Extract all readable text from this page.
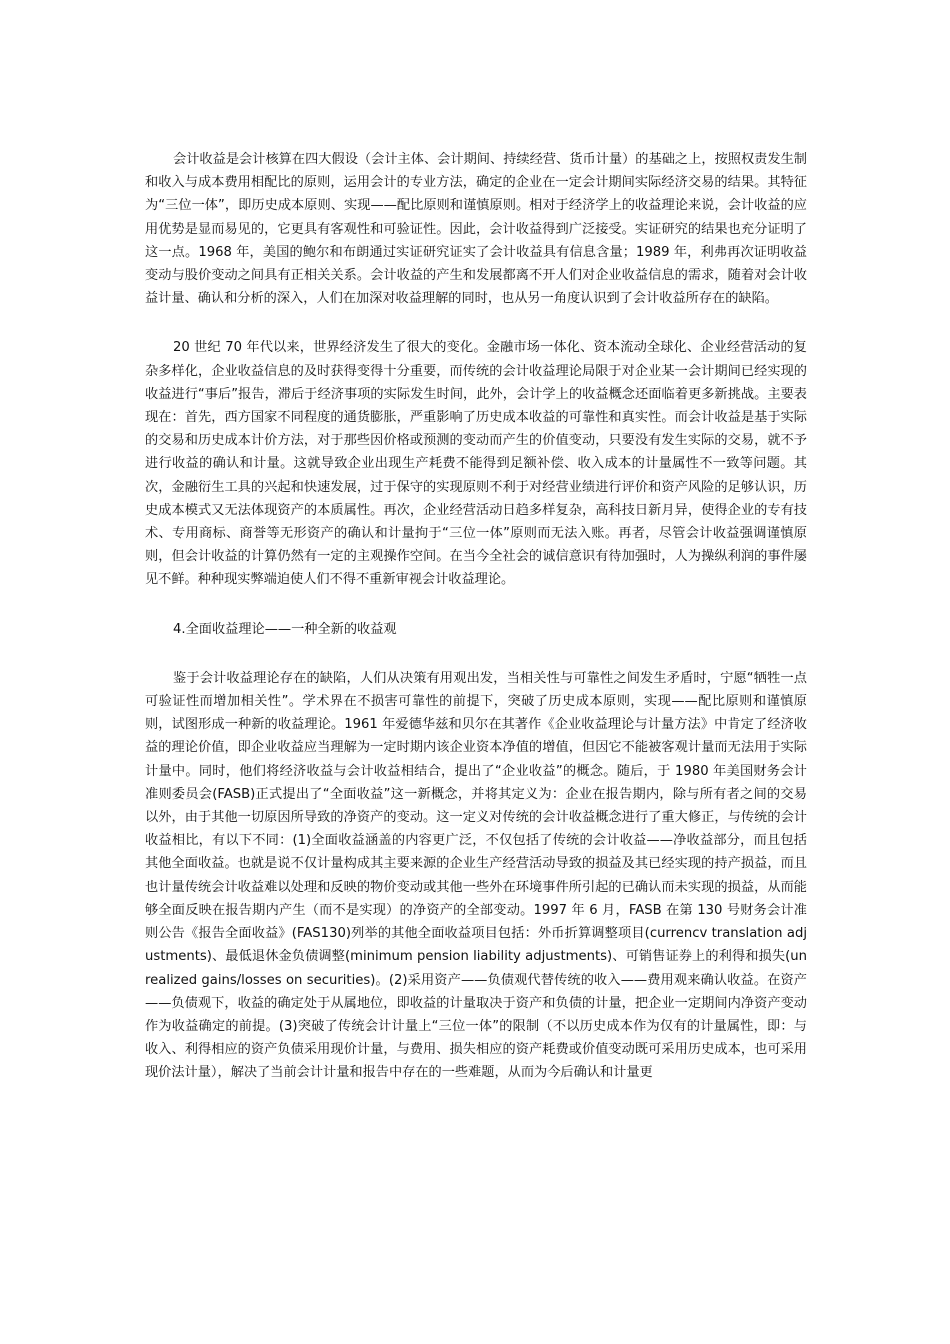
会计收益是会计核算在四大假设（会计主体、会计期间、持续经营、货币计量）的基础之上，按照权责发生制和收入与成本费用相配比的原则，运用会计的专业方法，确定的企业在一定会计期间实际经济交易的结果。其特征为“三位一体”，即历史成本原则、实现——配比原则和谨慎原则。相对于经济学上的收益理论来说，会计收益的应用优势是显而易见的，它更具有客观性和可验证性。因此，会计收益得到广泛接受。实证研究的结果也充分证明了这一点。1968 年，美国的鲍尔和布朗通过实证研究证实了会计收益具有信息含量；1989 年，利弗再次证明收益变动与股价变动之间具有正相关关系。会计收益的产生和发展都离不开人们对企业收益信息的需求，随着对会计收益计量、确认和分析的深入，人们在加深对收益理解的同时，也从另一角度认识到了会计收益所存在的缺陷。

20 世纪 70 年代以来，世界经济发生了很大的变化。金融市场一体化、资本流动全球化、企业经营活动的复杂多样化，企业收益信息的及时获得变得十分重要，而传统的会计收益理论局限于对企业某一会计期间已经实现的收益进行“事后”报告，滞后于经济事项的实际发生时间，此外，会计学上的收益概念还面临着更多新挑战。主要表现在：首先，西方国家不同程度的通货膨胀，严重影响了历史成本收益的可靠性和真实性。而会计收益是基于实际的交易和历史成本计价方法，对于那些因价格或预测的变动而产生的价值变动，只要没有发生实际的交易，就不予进行收益的确认和计量。这就导致企业出现生产耗费不能得到足额补偿、收入成本的计量属性不一致等问题。其次，金融衍生工具的兴起和快速发展，过于保守的实现原则不利于对经营业绩进行评价和资产风险的足够认识，历史成本模式又无法体现资产的本质属性。再次，企业经营活动日趋多样复杂，高科技日新月异，使得企业的专有技术、专用商标、商誉等无形资产的确认和计量拘于“三位一体”原则而无法入账。再者，尽管会计收益强调谨慎原则，但会计收益的计算仍然有一定的主观操作空间。在当今全社会的诚信意识有待加强时，人为操纵利润的事件屡见不鲜。种种现实弊端迫使人们不得不重新审视会计收益理论。

4.全面收益理论——一种全新的收益观

鉴于会计收益理论存在的缺陷，人们从决策有用观出发，当相关性与可靠性之间发生矛盾时，宁愿“牺牲一点可验证性而增加相关性”。学术界在不损害可靠性的前提下，突破了历史成本原则，实现——配比原则和谨慎原则，试图形成一种新的收益理论。1961 年爱德华兹和贝尔在其著作《企业收益理论与计量方法》中肯定了经济收益的理论价值，即企业收益应当理解为一定时期内该企业资本净值的增值，但因它不能被客观计量而无法用于实际计量中。同时，他们将经济收益与会计收益相结合，提出了“企业收益”的概念。随后，于 1980 年美国财务会计准则委员会(FASB)正式提出了“全面收益”这一新概念，并将其定义为：企业在报告期内，除与所有者之间的交易以外，由于其他一切原因所导致的净资产的变动。这一定义对传统的会计收益概念进行了重大修正，与传统的会计收益相比，有以下不同：(1)全面收益涵盖的内容更广泛，不仅包括了传统的会计收益——净收益部分，而且包括其他全面收益。也就是说不仅计量构成其主要来源的企业生产经营活动导致的损益及其已经实现的持产损益，而且也计量传统会计收益难以处理和反映的物价变动或其他一些外在环境事件所引起的已确认而未实现的损益，从而能够全面反映在报告期内产生（而不是实现）的净资产的全部变动。1997 年 6 月，FASB 在第 130 号财务会计准则公告《报告全面收益》(FAS130)列举的其他全面收益项目包括：外币折算调整项目(currencv translation adjustments)、最低退休金负债调整(minimum pension liability adjustments)、可销售证券上的利得和损失(unrealized gains/losses on securities)。(2)采用资产——负债观代替传统的收入——费用观来确认收益。在资产——负债观下，收益的确定处于从属地位，即收益的计量取决于资产和负债的计量，把企业一定期间内净资产变动作为收益确定的前提。(3)突破了传统会计计量上“三位一体”的限制（不以历史成本作为仅有的计量属性，即：与收入、利得相应的资产负债采用现价计量，与费用、损失相应的资产耗费或价值变动既可采用历史成本，也可采用现价法计量），解决了当前会计计量和报告中存在的一些难题，从而为今后确认和计量更
